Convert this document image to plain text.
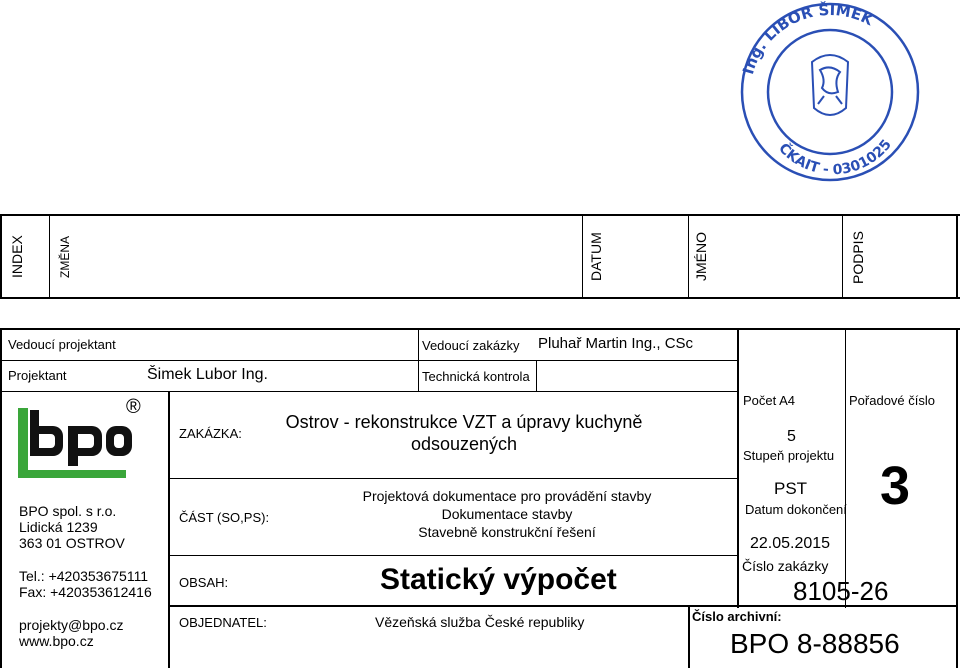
Ing. LIBOR ŠIMEK
ČKAIT - 0301025
INDEX	ZMĚNA	DATUM	JMÉNO	PODPIS
Vedoucí projektant
Projektant	Šimek Lubor Ing.
Vedoucí zakázky Pluhař Martin Ing., CSc
Technická kontrola
®
BPO spol. s r.o.
Lidická 1239
363 01 OSTROV
Tel.: +420353675111
Fax: +420353612416
projekty@bpo.cz
www.bpo.cz
ZAKÁZKA:
Ostrov - rekonstrukce VZT a úpravy kuchyně
odsouzených
ČÁST (SO,PS):
Projektová dokumentace pro provádění stavby
Dokumentace stavby
Stavebně konstrukční řešení
OBSAH:	Statický výpočet
OBJEDNATEL:	Vězeňská služba České republiky
Počet A4
5
Stupeň projektu
PST
Datum dokončení
22.05.2015
Číslo zakázky
8105-26
Pořadové číslo
3
Číslo archivní:
BPO 8-88856
